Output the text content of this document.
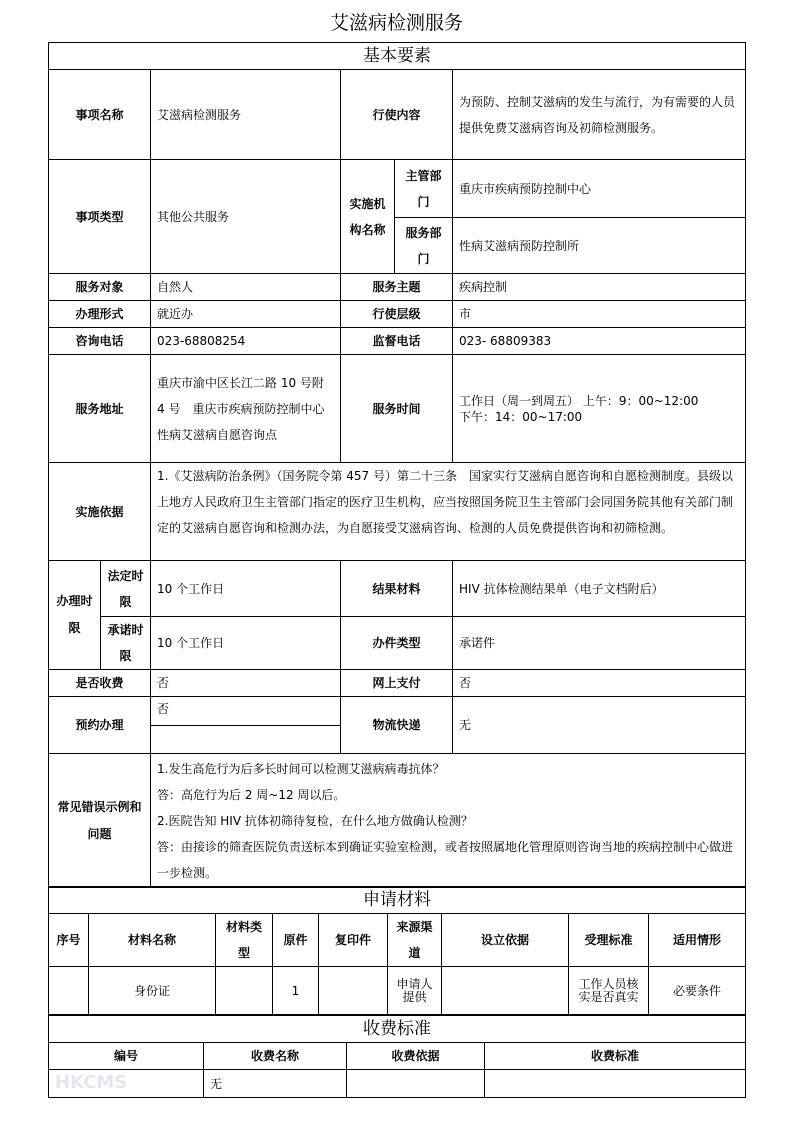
艾滋病检测服务
基本要素					
事项名称		艾滋病检测服务	行使内容		为预防、控制艾滋病的发生与流行，为有需要的人员提供免费艾滋病咨询及初筛检测服务。
事项类型		其他公共服务	实施机构名称	主管部门	重庆市疾病预防控制中心
				服务部门	性病艾滋病预防控制所
服务对象		自然人	服务主题		疾病控制
办理形式		就近办	行使层级		市
咨询电话		023-68808254	监督电话		023- 68809383
服务地址		重庆市渝中区长江二路 10 号附 4 号　重庆市疾病预防控制中心性病艾滋病自愿咨询点	服务时间		工作日（周一到周五） 上午：9：00~12:00
下午：14：00~17:00

实施依据		1.《艾滋病防治条例》（国务院令第 457 号）第二十三条　国家实行艾滋病自愿咨询和自愿检测制度。县级以上地方人民政府卫生主管部门指定的医疗卫生机构，应当按照国务院卫生主管部门会同国务院其他有关部门制定的艾滋病自愿咨询和检测办法，为自愿接受艾滋病咨询、检测的人员免费提供咨询和初筛检测。			
办理时限	法定时限	10 个工作日	结果材料		HIV 抗体检测结果单（电子文档附后）
	承诺时限	10 个工作日	办件类型		承诺件
是否收费		否	网上支付		否
预约办理		否	物流快递		无
常见错误示例和问题		1.发生高危行为后多长时间可以检测艾滋病病毒抗体？
答：高危行为后 2 周~12 周以后。
2.医院告知 HIV 抗体初筛待复检，在什么地方做确认检测？
答：由接诊的筛查医院负责送标本到确证实验室检测，或者按照属地化管理原则咨询当地的疾病控制中心做进一步检测。			
申请材料								
序号	材料名称	材料类型	原件	复印件	来源渠道	设立依据	受理标准	适用情形
	身份证		1		申请人提供		工作人员核实是否真实	必要条件
收费标准			
编号	收费名称	收费依据	收费标准
HKCMS	无		
